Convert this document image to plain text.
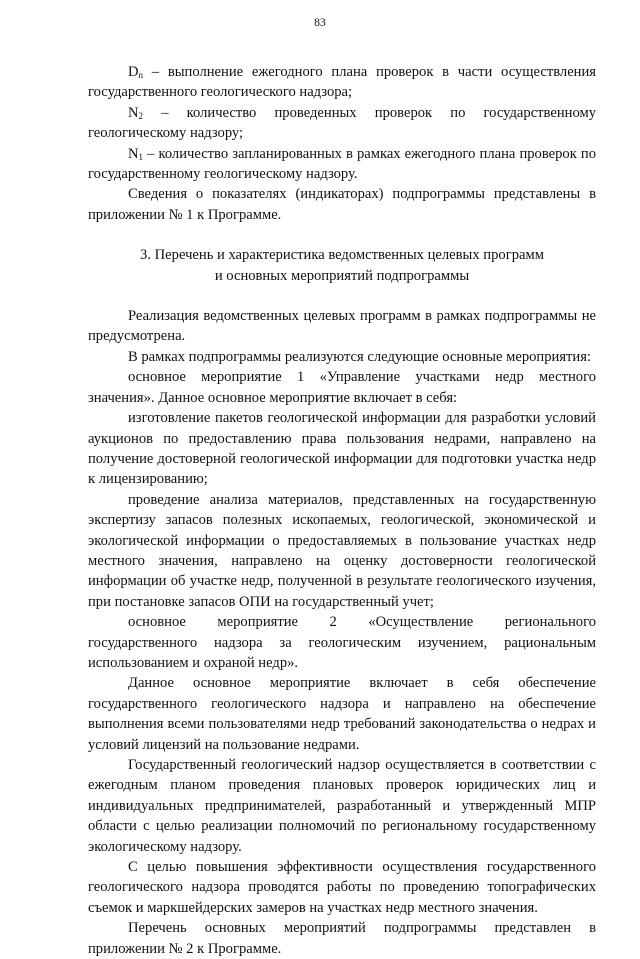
83

$D_n$ – выполнение ежегодного плана проверок в части осуществления государственного геологического надзора;

$N_2$ – количество проведенных проверок по государственному геологическому надзору;

$N_1$ – количество запланированных в рамках ежегодного плана проверок по государственному геологическому надзору.

Сведения о показателях (индикаторах) подпрограммы представлены в приложении № 1 к Программе.

3. Перечень и характеристика ведомственных целевых программ
и основных мероприятий подпрограммы

Реализация ведомственных целевых программ в рамках подпрограммы не предусмотрена.

В рамках подпрограммы реализуются следующие основные мероприятия:

основное мероприятие 1 «Управление участками недр местного значения». Данное основное мероприятие включает в себя:

изготовление пакетов геологической информации для разработки условий аукционов по предоставлению права пользования недрами, направлено на получение достоверной геологической информации для подготовки участка недр к лицензированию;

проведение анализа материалов, представленных на государственную экспертизу запасов полезных ископаемых, геологической, экономической и экологической информации о предоставляемых в пользование участках недр местного значения, направлено на оценку достоверности геологической информации об участке недр, полученной в результате геологического изучения, при постановке запасов ОПИ на государственный учет;

основное мероприятие 2 «Осуществление регионального государственного надзора за геологическим изучением, рациональным использованием и охраной недр».

Данное основное мероприятие включает в себя обеспечение государственного геологического надзора и направлено на обеспечение выполнения всеми пользователями недр требований законодательства о недрах и условий лицензий на пользование недрами.

Государственный геологический надзор осуществляется в соответствии с ежегодным планом проведения плановых проверок юридических лиц и индивидуальных предпринимателей, разработанный и утвержденный МПР области с целью реализации полномочий по региональному государственному экологическому надзору.

С целью повышения эффективности осуществления государственного геологического надзора проводятся работы по проведению топографических съемок и маркшейдерских замеров на участках недр местного значения.

Перечень основных мероприятий подпрограммы представлен в приложении № 2 к Программе.
